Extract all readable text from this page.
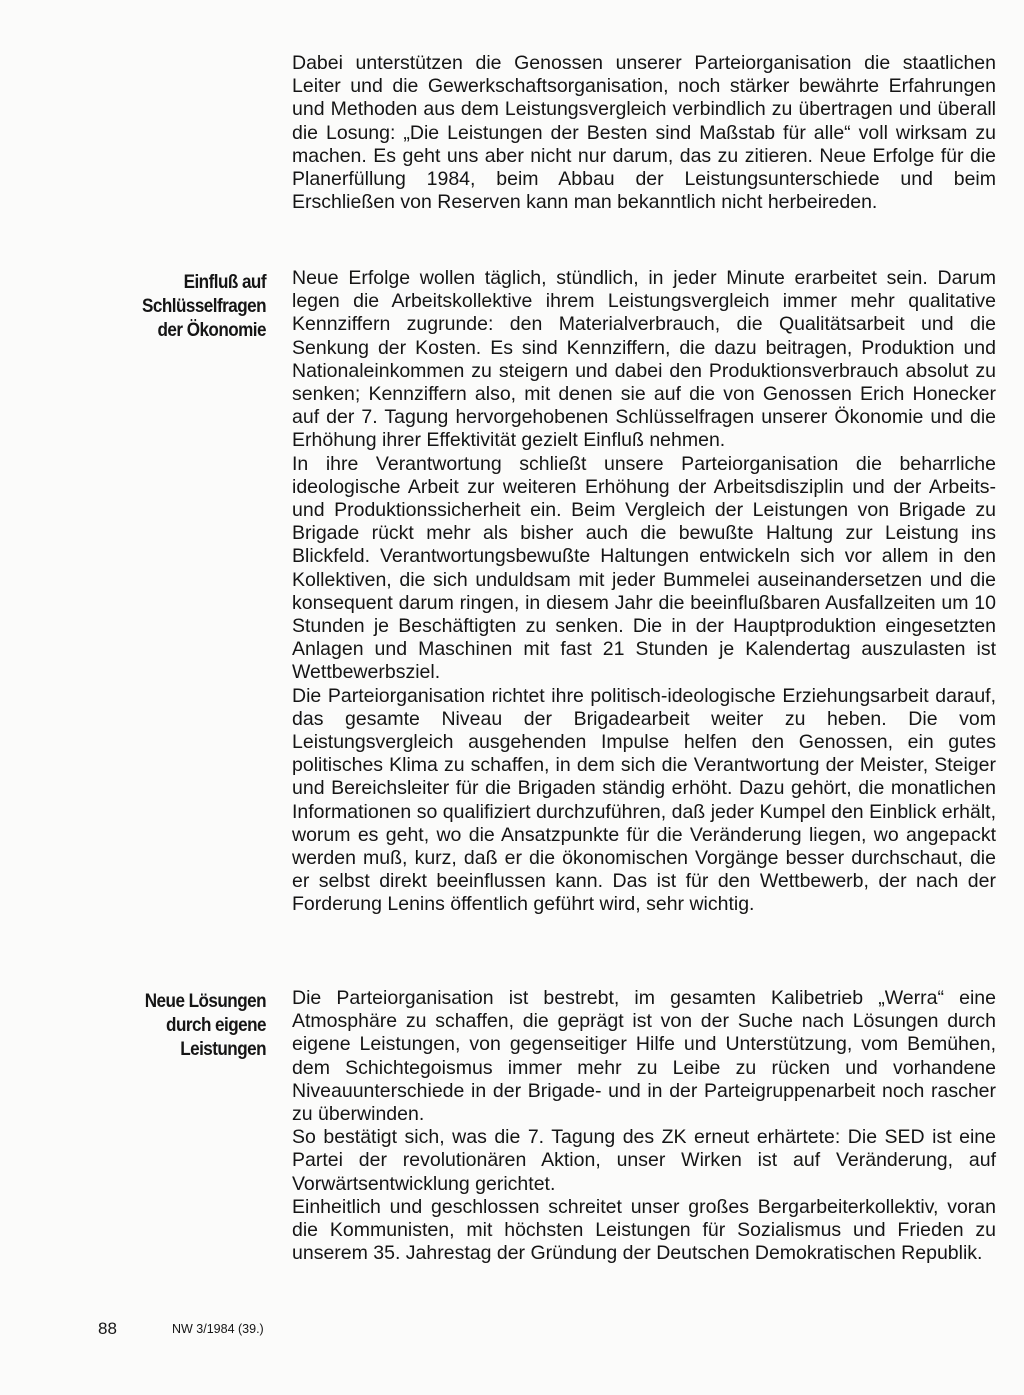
Dabei unterstützen die Genossen unserer Parteiorganisation die staatlichen Leiter und die Gewerkschaftsorganisation, noch stärker bewährte Erfahrungen und Methoden aus dem Leistungsvergleich verbindlich zu übertragen und überall die Losung: „Die Leistungen der Besten sind Maßstab für alle“ voll wirksam zu machen. Es geht uns aber nicht nur darum, das zu zitieren. Neue Erfolge für die Planerfüllung 1984, beim Abbau der Leistungsunterschiede und beim Erschließen von Reserven kann man bekanntlich nicht herbeireden.

Einfluß auf
Schlüsselfragen
der Ökonomie

Neue Erfolge wollen täglich, stündlich, in jeder Minute erarbeitet sein. Darum legen die Arbeitskollektive ihrem Leistungsvergleich immer mehr qualitative Kennziffern zugrunde: den Materialverbrauch, die Qualitätsarbeit und die Senkung der Kosten. Es sind Kennziffern, die dazu beitragen, Produktion und Nationaleinkommen zu steigern und dabei den Produktionsverbrauch absolut zu senken; Kennziffern also, mit denen sie auf die von Genossen Erich Honecker auf der 7. Tagung hervorgehobenen Schlüsselfragen unserer Ökonomie und die Erhöhung ihrer Effektivität gezielt Einfluß nehmen.

In ihre Verantwortung schließt unsere Parteiorganisation die beharrliche ideologische Arbeit zur weiteren Erhöhung der Arbeitsdisziplin und der Arbeits- und Produktionssicherheit ein. Beim Vergleich der Leistungen von Brigade zu Brigade rückt mehr als bisher auch die bewußte Haltung zur Leistung ins Blickfeld. Verantwortungsbewußte Haltungen entwickeln sich vor allem in den Kollektiven, die sich unduldsam mit jeder Bummelei auseinandersetzen und die konsequent darum ringen, in diesem Jahr die beeinflußbaren Ausfallzeiten um 10 Stunden je Beschäftigten zu senken. Die in der Hauptproduktion eingesetzten Anlagen und Maschinen mit fast 21 Stunden je Kalendertag auszulasten ist Wettbewerbsziel.

Die Parteiorganisation richtet ihre politisch-ideologische Erziehungsarbeit darauf, das gesamte Niveau der Brigadearbeit weiter zu heben. Die vom Leistungsvergleich ausgehenden Impulse helfen den Genossen, ein gutes politisches Klima zu schaffen, in dem sich die Verantwortung der Meister, Steiger und Bereichsleiter für die Brigaden ständig erhöht. Dazu gehört, die monatlichen Informationen so qualifiziert durchzuführen, daß jeder Kumpel den Einblick erhält, worum es geht, wo die Ansatzpunkte für die Veränderung liegen, wo angepackt werden muß, kurz, daß er die ökonomischen Vorgänge besser durchschaut, die er selbst direkt beeinflussen kann. Das ist für den Wettbewerb, der nach der Forderung Lenins öffentlich geführt wird, sehr wichtig.

Neue Lösungen
durch eigene
Leistungen

Die Parteiorganisation ist bestrebt, im gesamten Kalibetrieb „Werra“ eine Atmosphäre zu schaffen, die geprägt ist von der Suche nach Lösungen durch eigene Leistungen, von gegenseitiger Hilfe und Unterstützung, vom Bemühen, dem Schichtegoismus immer mehr zu Leibe zu rücken und vorhandene Niveauunterschiede in der Brigade- und in der Parteigruppenarbeit noch rascher zu überwinden.

So bestätigt sich, was die 7. Tagung des ZK erneut erhärtete: Die SED ist eine Partei der revolutionären Aktion, unser Wirken ist auf Veränderung, auf Vorwärtsentwicklung gerichtet.

Einheitlich und geschlossen schreitet unser großes Bergarbeiterkollektiv, voran die Kommunisten, mit höchsten Leistungen für Sozialismus und Frieden zu unserem 35. Jahrestag der Gründung der Deutschen Demokratischen Republik.

88	NW 3/1984 (39.)
